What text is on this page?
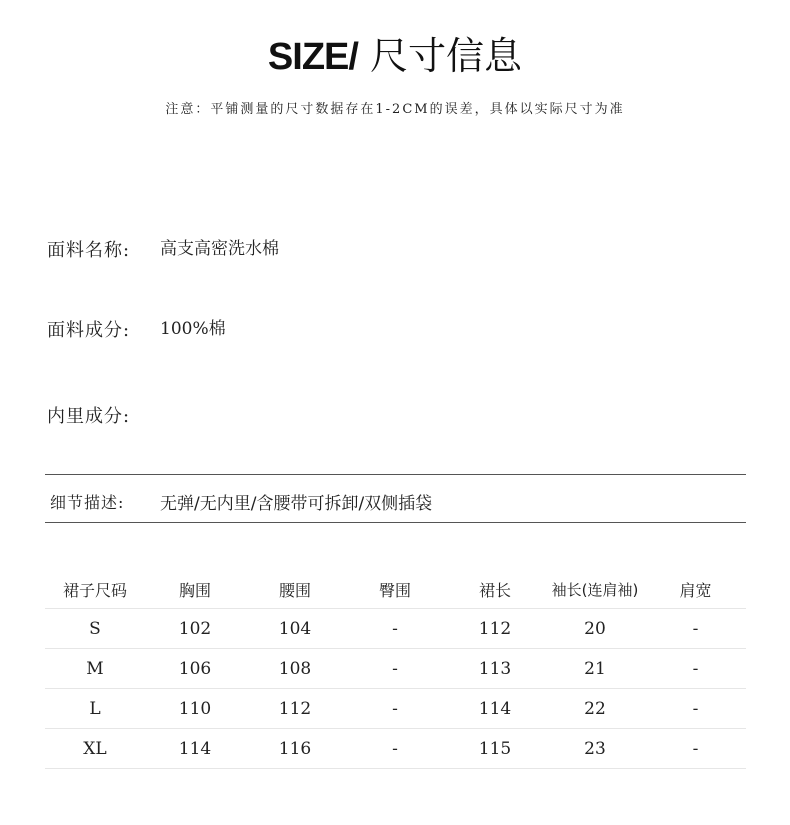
SIZE/ 尺寸信息
注意：平铺测量的尺寸数据存在1-2CM的误差，具体以实际尺寸为准
面料名称: 高支高密洗水棉
面料成分: 100%棉
内里成分:
细节描述: 无弹/无内里/含腰带可拆卸/双侧插袋
裙子尺码	胸围	腰围	臀围	裙长	袖长(连肩袖)	肩宽
S	102	104	-	112	20	-
M	106	108	-	113	21	-
L	110	112	-	114	22	-
XL	114	116	-	115	23	-
